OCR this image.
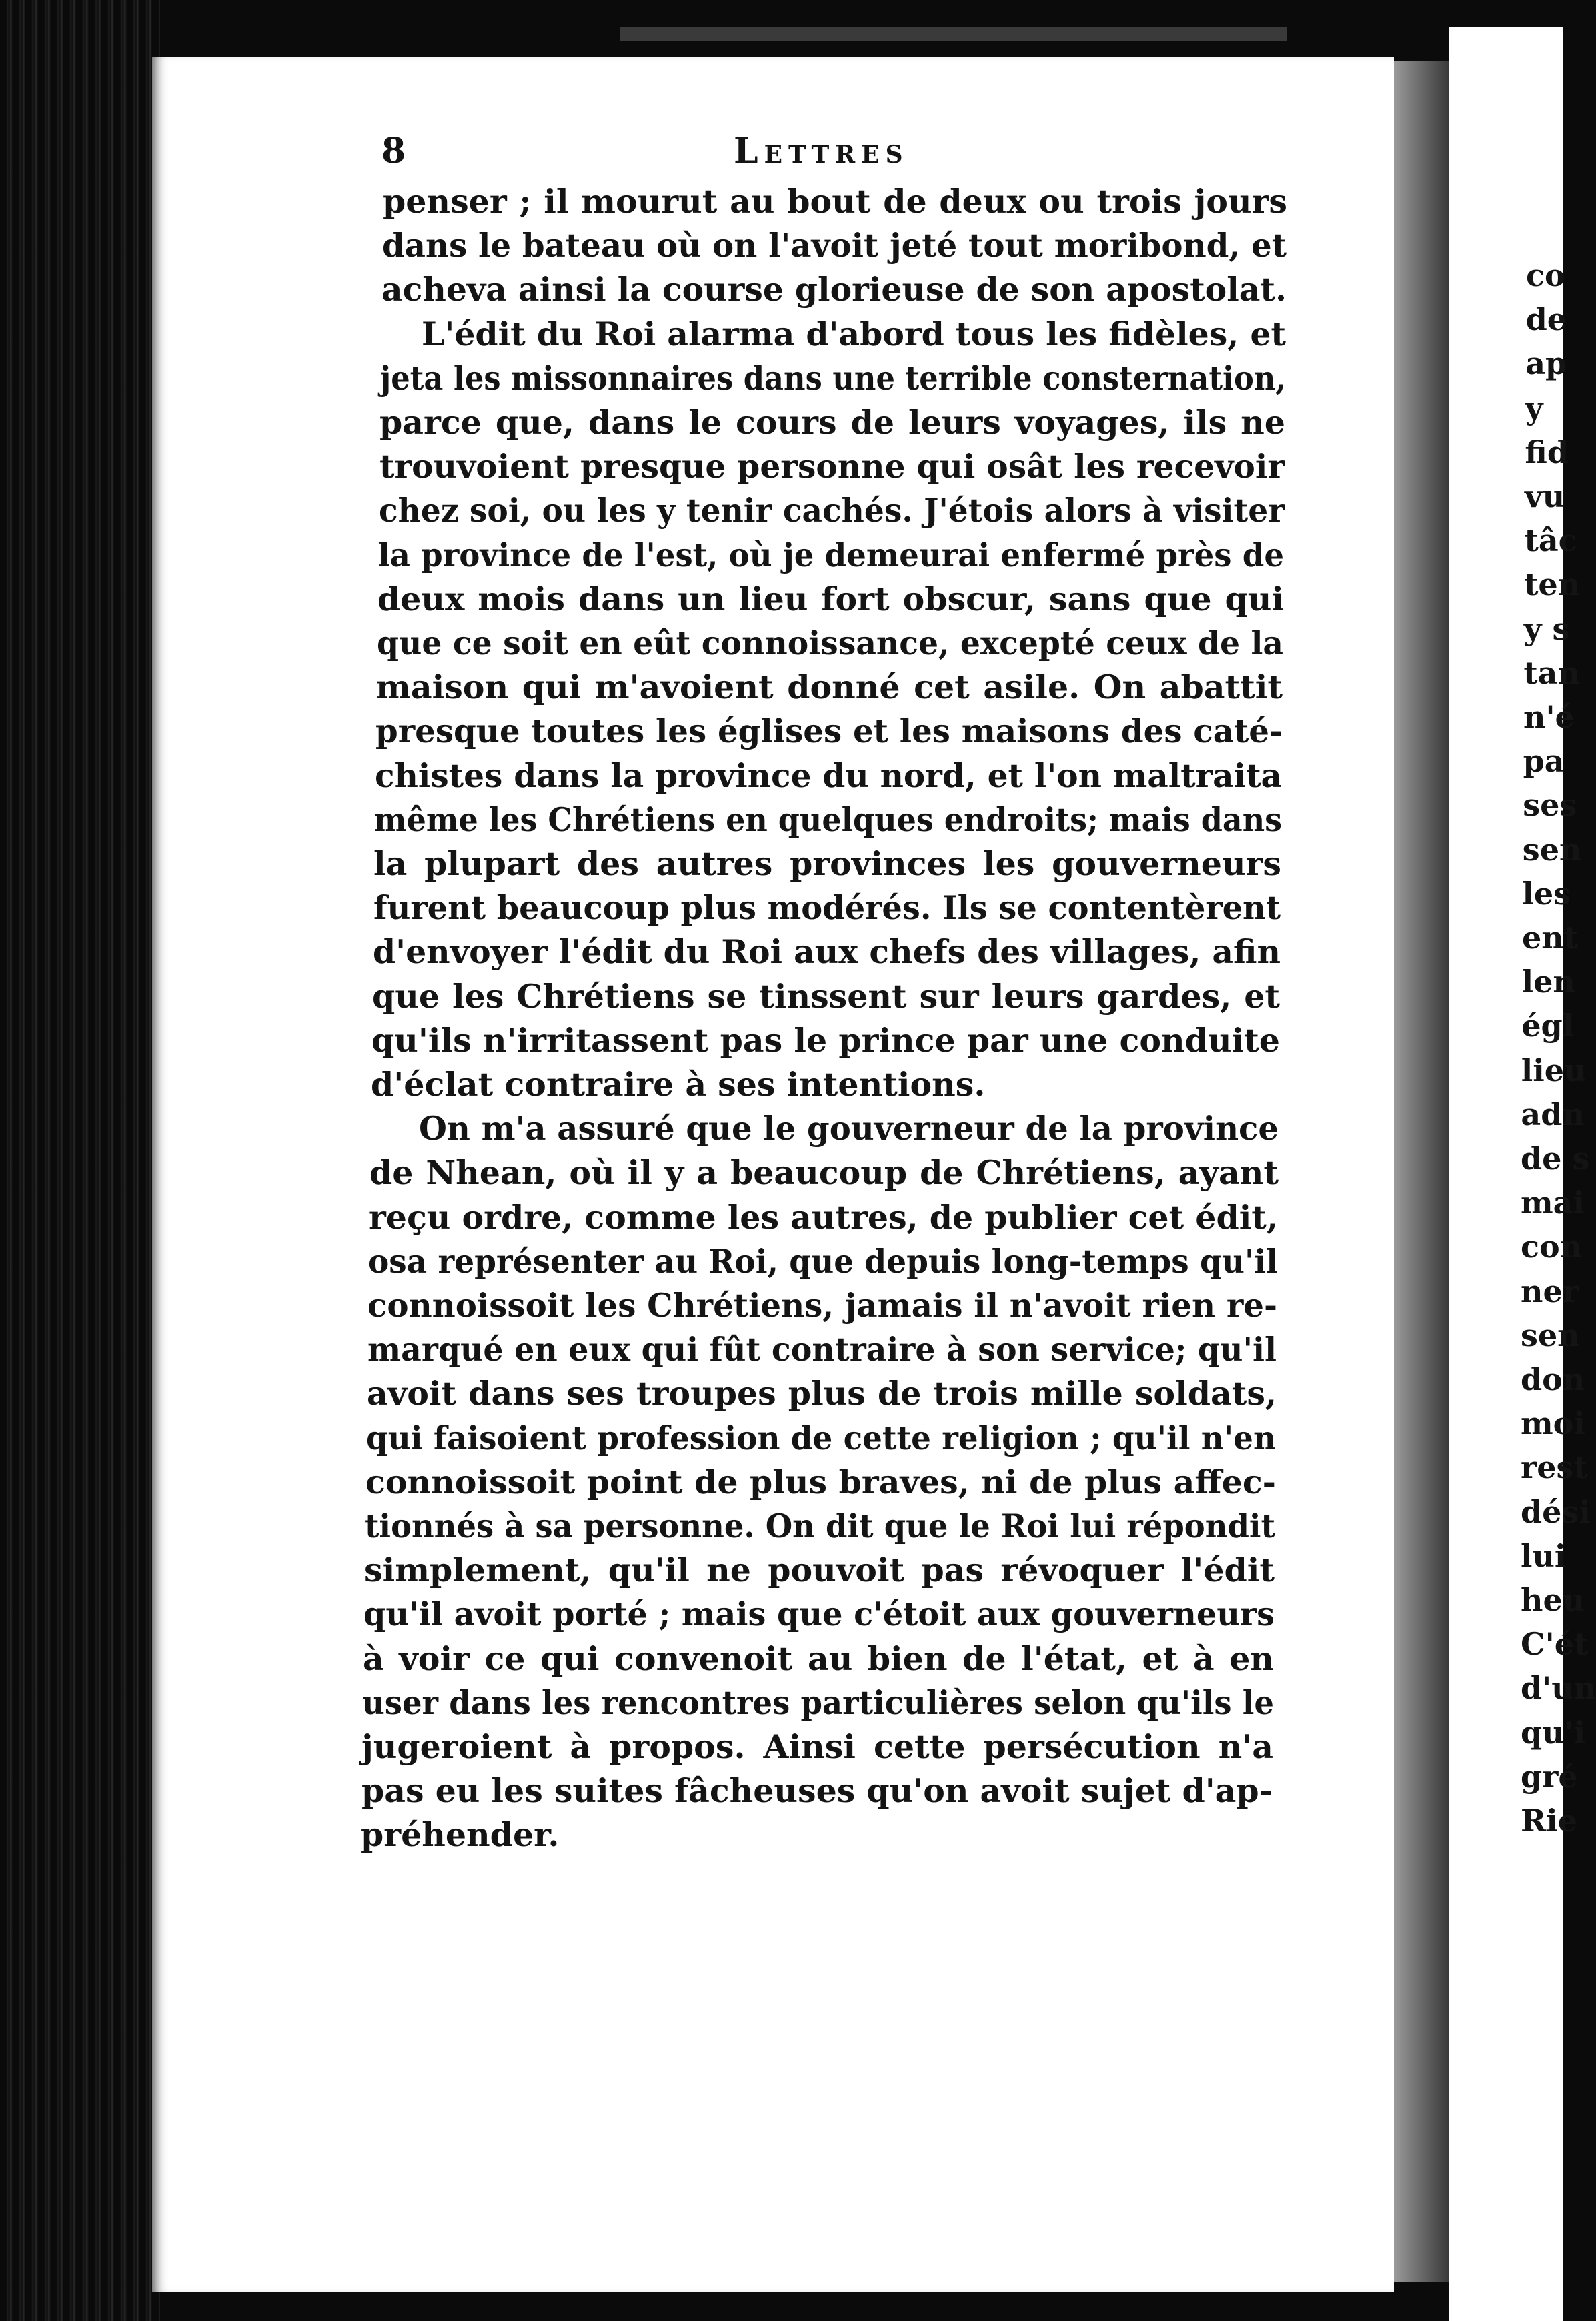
8	Lettres
penser ; il mourut au bout de deux ou trois jours
dans le bateau où on l'avoit jeté tout moribond, et
acheva ainsi la course glorieuse de son apostolat.
L'édit du Roi alarma d'abord tous les fidèles, et
jeta les missonnaires dans une terrible consternation,
parce que, dans le cours de leurs voyages, ils ne
trouvoient presque personne qui osât les recevoir
chez soi, ou les y tenir cachés. J'étois alors à visiter
la province de l'est, où je demeurai enfermé près de
deux mois dans un lieu fort obscur, sans que qui
que ce soit en eût connoissance, excepté ceux de la
maison qui m'avoient donné cet asile. On abattit
presque toutes les églises et les maisons des caté-
chistes dans la province du nord, et l'on maltraita
même les Chrétiens en quelques endroits; mais dans
la plupart des autres provinces les gouverneurs
furent beaucoup plus modérés. Ils se contentèrent
d'envoyer l'édit du Roi aux chefs des villages, afin
que les Chrétiens se tinssent sur leurs gardes, et
qu'ils n'irritassent pas le prince par une conduite
d'éclat contraire à ses intentions.
On m'a assuré que le gouverneur de la province
de Nhean, où il y a beaucoup de Chrétiens, ayant
reçu ordre, comme les autres, de publier cet édit,
osa représenter au Roi, que depuis long-temps qu'il
connoissoit les Chrétiens, jamais il n'avoit rien re-
marqué en eux qui fût contraire à son service; qu'il
avoit dans ses troupes plus de trois mille soldats,
qui faisoient profession de cette religion ; qu'il n'en
connoissoit point de plus braves, ni de plus affec-
tionnés à sa personne. On dit que le Roi lui répondit
simplement, qu'il ne pouvoit pas révoquer l'édit
qu'il avoit porté ; mais que c'étoit aux gouverneurs
à voir ce qui convenoit au bien de l'état, et à en
user dans les rencontres particulières selon qu'ils le
jugeroient à propos. Ainsi cette persécution n'a
pas eu les suites fâcheuses qu'on avoit sujet d'ap-
préhender.
co
de
ap
y
fid
vu
tâc
ten
y s
tan
n'é
pa
ses
sen
les
ent
len
égl
lieu
adn
de s
mai
con
ner
sen
don
moi
rest
dési
lui
heu
C'ét
d'un
qu'i
gré
Rie
